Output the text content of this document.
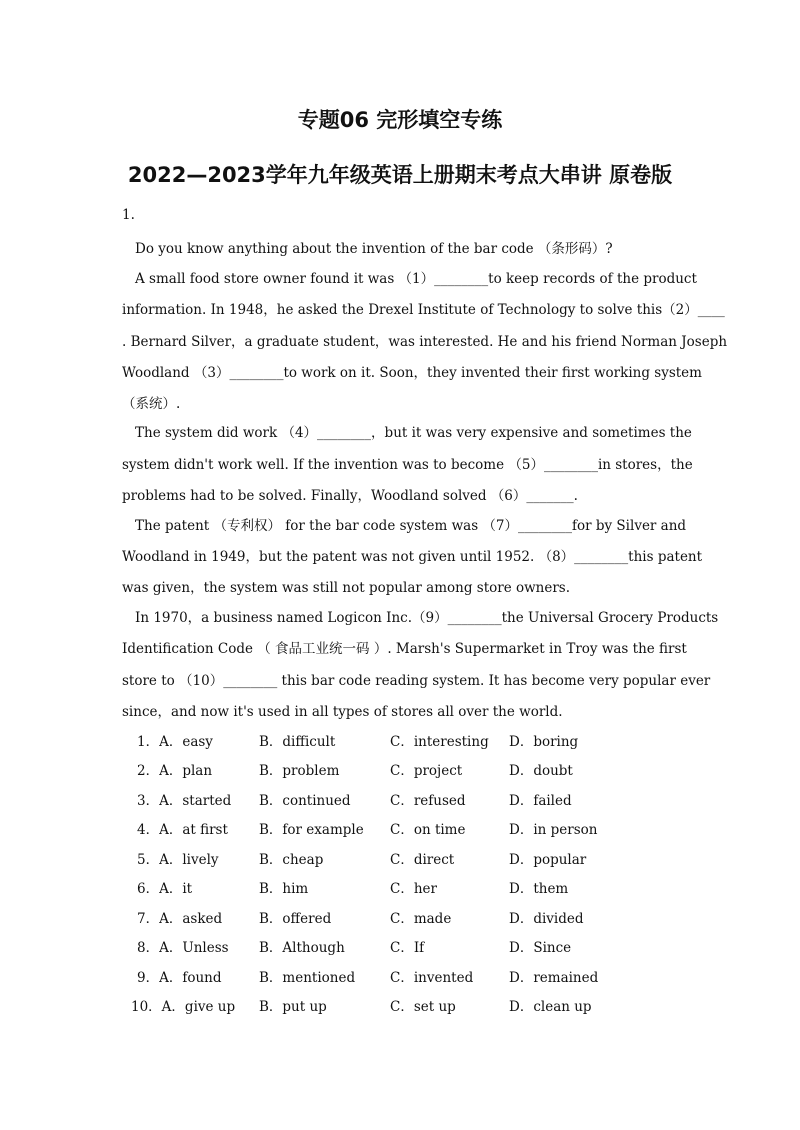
专题06 完形填空专练
2022—2023学年九年级英语上册期末考点大串讲 原卷版
1.
Do you know anything about the invention of the bar code （条形码）?
A small food store owner found it was （1）________to keep records of the product
information. In 1948，he asked the Drexel Institute of Technology to solve this（2）____
. Bernard Silver，a graduate student，was interested. He and his friend Norman Joseph
Woodland （3）________to work on it. Soon，they invented their first working system
（系统）.
The system did work （4）________，but it was very expensive and sometimes the
system didn't work well. If the invention was to become （5）________in stores，the
problems had to be solved. Finally，Woodland solved （6）_______.
The patent （专利权） for the bar code system was （7）________for by Silver and
Woodland in 1949，but the patent was not given until 1952. （8）________this patent
was given，the system was still not popular among store owners.
In 1970，a business named Logicon Inc.（9）________the Universal Grocery Products
Identification Code （ 食品工业统一码 ）. Marsh's Supermarket in Troy was the first
store to （10）________ this bar code reading system. It has become very popular ever
since，and now it's used in all types of stores all over the world.
1．A．easy	B．difficult	C．interesting D．boring
2．A．plan	B．problem	C．project	D．doubt
3．A．started B．continued	C．refused	D．failed
4．A．at first B．for example C．on time	D．in person
5．A．lively	B．cheap	C．direct	D．popular
6．A．it	B．him	C．her	D．them
7．A．asked	B．offered	C．made	D．divided
8．A．Unless B．Although	C．If	D．Since
9．A．found	B．mentioned	C．invented	D．remained
10．A．give up B．put up	C．set up	D．clean up
